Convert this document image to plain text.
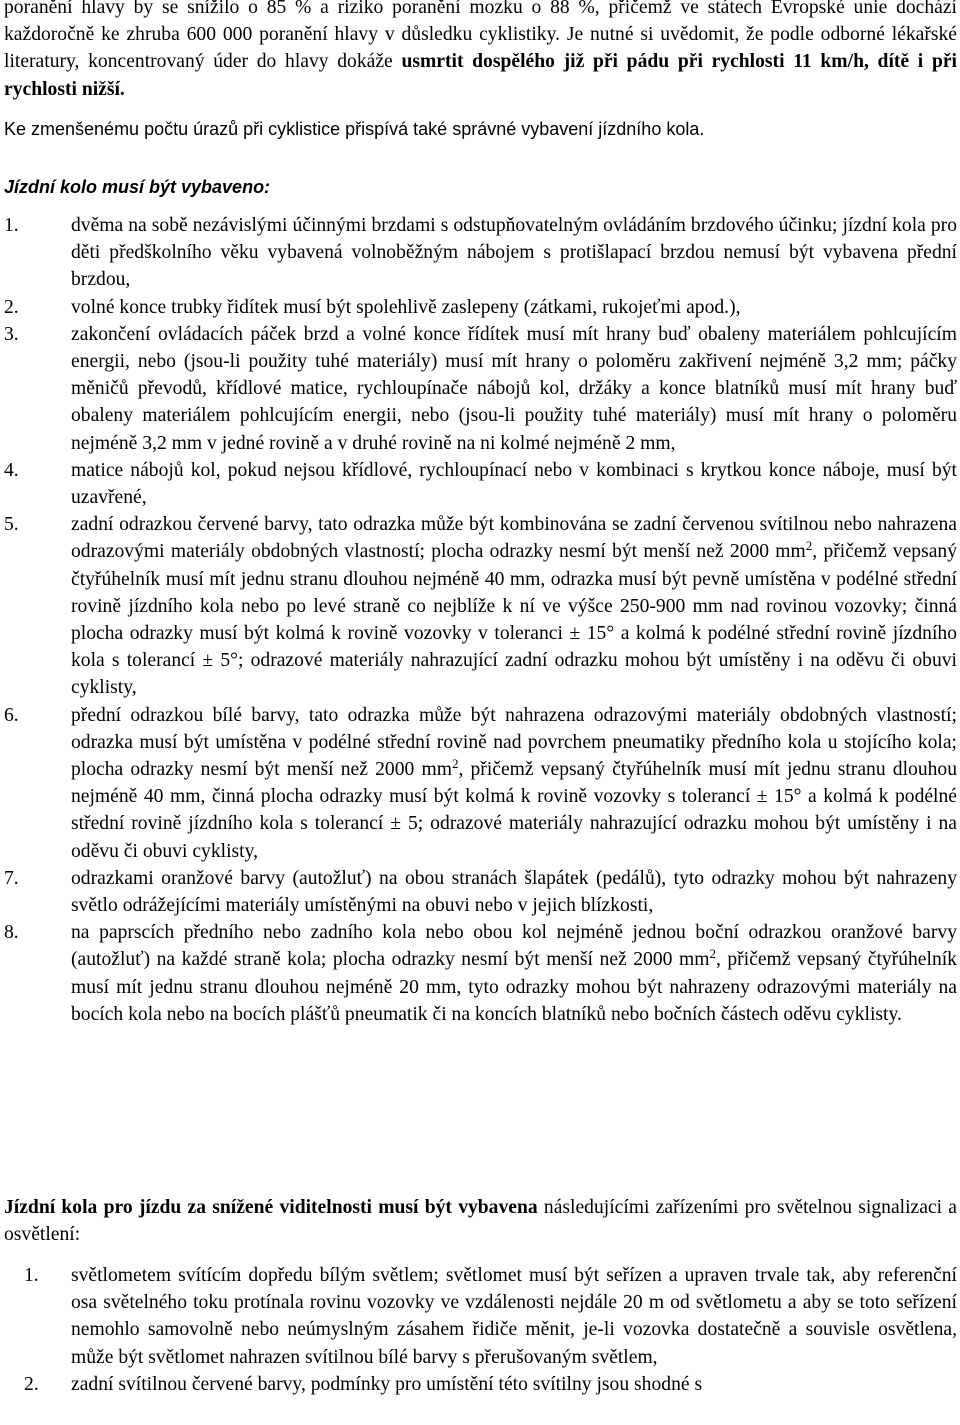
poranění hlavy by se snížilo o 85 % a riziko poranění mozku o 88 %, přičemž ve státech Evropské unie dochází každoročně ke zhruba 600 000 poranění hlavy v důsledku cyklistiky. Je nutné si uvědomit, že podle odborné lékařské literatury, koncentrovaný úder do hlavy dokáže usmrtit dospělého již při pádu při rychlosti 11 km/h, dítě i při rychlosti nižší.

Ke zmenšenému počtu úrazů při cyklistice přispívá také správné vybavení jízdního kola.

Jízdní kolo musí být vybaveno:

1.	dvěma na sobě nezávislými účinnými brzdami s odstupňovatelným ovládáním brzdového účinku; jízdní kola pro děti předškolního věku vybavená volnoběžným nábojem s protišlapací brzdou nemusí být vybavena přední brzdou,
2.	volné konce trubky řidítek musí být spolehlivě zaslepeny (zátkami, rukojeťmi apod.),
3.	zakončení ovládacích páček brzd a volné konce řídítek musí mít hrany buď obaleny materiálem pohlcujícím energii, nebo (jsou-li použity tuhé materiály) musí mít hrany o poloměru zakřivení nejméně 3,2 mm; páčky měničů převodů, křídlové matice, rychloupínače nábojů kol, držáky a konce blatníků musí mít hrany buď obaleny materiálem pohlcujícím energii, nebo (jsou-li použity tuhé materiály) musí mít hrany o poloměru nejméně 3,2 mm v jedné rovině a v druhé rovině na ni kolmé nejméně 2 mm,
4.	matice nábojů kol, pokud nejsou křídlové, rychloupínací nebo v kombinaci s krytkou konce náboje, musí být uzavřené,
5.	zadní odrazkou červené barvy, tato odrazka může být kombinována se zadní červenou svítilnou nebo nahrazena odrazovými materiály obdobných vlastností; plocha odrazky nesmí být menší než 2000 $mm^2$, přičemž vepsaný čtyřúhelník musí mít jednu stranu dlouhou nejméně 40 mm, odrazka musí být pevně umístěna v podélné střední rovině jízdního kola nebo po levé straně co nejblíže k ní ve výšce 250-900 mm nad rovinou vozovky; činná plocha odrazky musí být kolmá k rovině vozovky v toleranci ± 15° a kolmá k podélné střední rovině jízdního kola s tolerancí ± 5°; odrazové materiály nahrazující zadní odrazku mohou být umístěny i na oděvu či obuvi cyklisty,
6.	přední odrazkou bílé barvy, tato odrazka může být nahrazena odrazovými materiály obdobných vlastností; odrazka musí být umístěna v podélné střední rovině nad povrchem pneumatiky předního kola u stojícího kola; plocha odrazky nesmí být menší než 2000 $mm^2$, přičemž vepsaný čtyřúhelník musí mít jednu stranu dlouhou nejméně 40 mm, činná plocha odrazky musí být kolmá k rovině vozovky s tolerancí ± 15° a kolmá k podélné střední rovině jízdního kola s tolerancí ± 5; odrazové materiály nahrazující odrazku mohou být umístěny i na oděvu či obuvi cyklisty,
7.	odrazkami oranžové barvy (autožluť) na obou stranách šlapátek (pedálů), tyto odrazky mohou být nahrazeny světlo odrážejícími materiály umístěnými na obuvi nebo v jejich blízkosti,
8.	na paprscích předního nebo zadního kola nebo obou kol nejméně jednou boční odrazkou oranžové barvy (autožluť) na každé straně kola; plocha odrazky nesmí být menší než 2000 $mm^2$, přičemž vepsaný čtyřúhelník musí mít jednu stranu dlouhou nejméně 20 mm, tyto odrazky mohou být nahrazeny odrazovými materiály na bocích kola nebo na bocích plášťů pneumatik či na koncích blatníků nebo bočních částech oděvu cyklisty.

Jízdní kola pro jízdu za snížené viditelnosti musí být vybavena následujícími zařízeními pro světelnou signalizaci a osvětlení:

1.	světlometem svítícím dopředu bílým světlem; světlomet musí být seřízen a upraven trvale tak, aby referenční osa světelného toku protínala rovinu vozovky ve vzdálenosti nejdále 20 m od světlometu a aby se toto seřízení nemohlo samovolně nebo neúmyslným zásahem řidiče měnit, je-li vozovka dostatečně a souvisle osvětlena, může být světlomet nahrazen svítilnou bílé barvy s přerušovaným světlem,
2.	zadní svítilnou červené barvy, podmínky pro umístění této svítilny jsou shodné s
